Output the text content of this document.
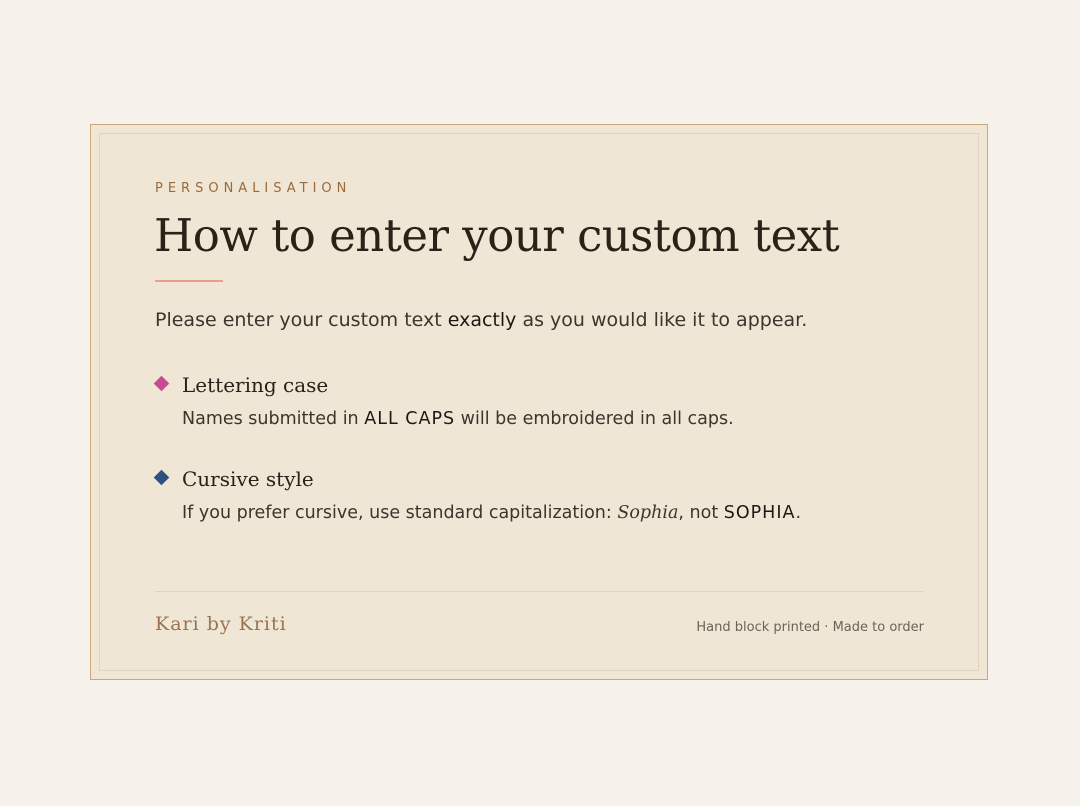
PERSONALISATION
How to enter your custom text

Please enter your custom text exactly as you would like it to appear.

Lettering case
Names submitted in ALL CAPS will be embroidered in all caps.
Cursive style
If you prefer cursive, use standard capitalization: Sophia, not SOPHIA.
Kari by Kriti	Hand block printed · Made to order
